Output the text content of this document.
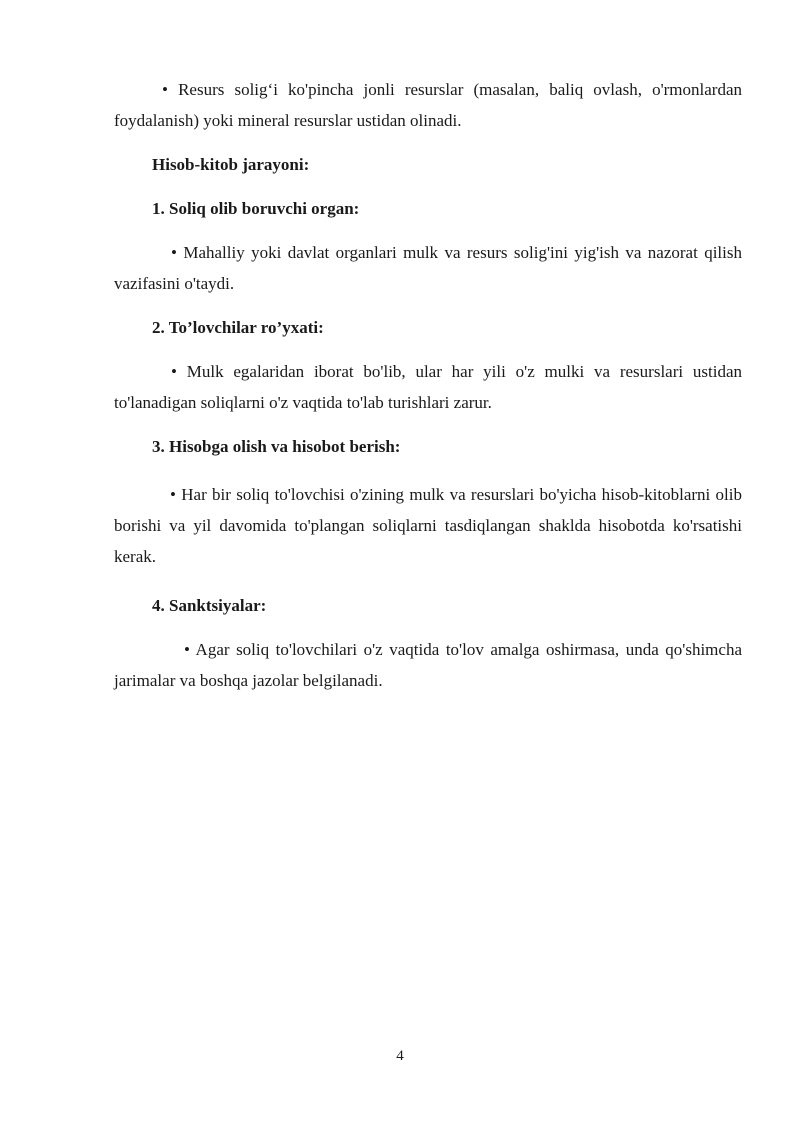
• Resurs solig‘i ko'pincha jonli resurslar (masalan, baliq ovlash, o'rmonlardan foydalanish) yoki mineral resurslar ustidan olinadi.

Hisob-kitob jarayoni:

1. Soliq olib boruvchi organ:

• Mahalliy yoki davlat organlari mulk va resurs solig'ini yig'ish va nazorat qilish vazifasini o'taydi.

2. To’lovchilar ro’yxati:

• Mulk egalaridan iborat bo'lib, ular har yili o'z mulki va resurslari ustidan to'lanadigan soliqlarni o'z vaqtida to'lab turishlari zarur.

3. Hisobga olish va hisobot berish:

• Har bir soliq to'lovchisi o'zining mulk va resurslari bo'yicha hisob-kitoblarni olib borishi va yil davomida to'plangan soliqlarni tasdiqlangan shaklda hisobotda ko'rsatishi kerak.

4. Sanktsiyalar:

• Agar soliq to'lovchilari o'z vaqtida to'lov amalga oshirmasa, unda qo'shimcha jarimalar va boshqa jazolar belgilanadi.

4
